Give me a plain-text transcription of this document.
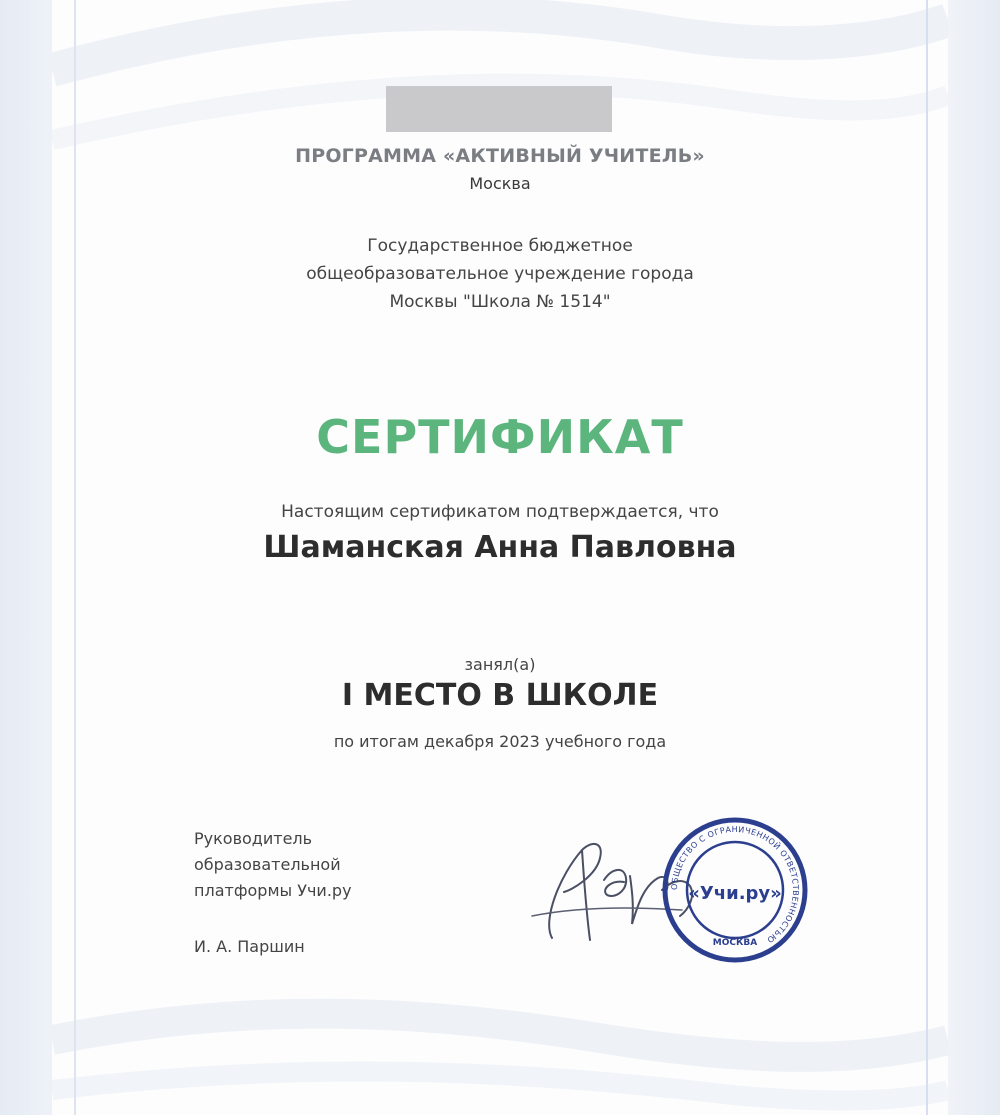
ПРОГРАММА «АКТИВНЫЙ УЧИТЕЛЬ»
Москва
Государственное бюджетное
общеобразовательное учреждение города
Москвы "Школа № 1514"
СЕРТИФИКАТ
Настоящим сертификатом подтверждается, что
Шаманская Анна Павловна
занял(а)
I МЕСТО В ШКОЛЕ
по итогам декабря 2023 учебного года
Руководитель
образовательной
платформы Учи.ру
И. А. Паршин
ОБЩЕСТВО С ОГРАНИЧЕННОЙ ОТВЕТСТВЕННОСТЬЮ
«Учи.ру»
МОСКВА
